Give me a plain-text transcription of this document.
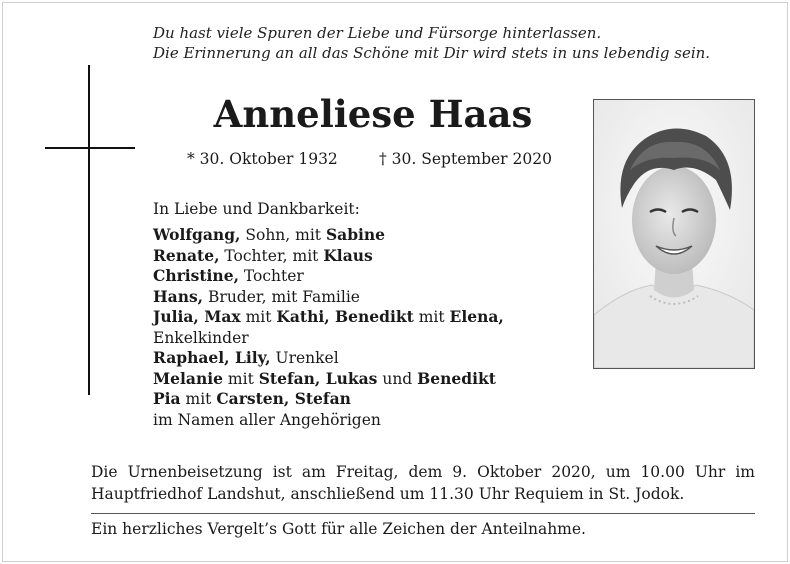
Du hast viele Spuren der Liebe und Fürsorge hinterlassen.
Die Erinnerung an all das Schöne mit Dir wird stets in uns lebendig sein.
Anneliese Haas
* 30. Oktober 1932	† 30. September 2020
In Liebe und Dankbarkeit:
Wolfgang, Sohn, mit Sabine
Renate, Tochter, mit Klaus
Christine, Tochter
Hans, Bruder, mit Familie
Julia, Max mit Kathi, Benedikt mit Elena,
Enkelkinder
Raphael, Lily, Urenkel
Melanie mit Stefan, Lukas und Benedikt
Pia mit Carsten, Stefan
im Namen aller Angehörigen
Die Urnenbeisetzung ist am Freitag, dem 9. Oktober 2020, um 10.00 Uhr im
Hauptfriedhof Landshut, anschließend um 11.30 Uhr Requiem in St. Jodok.
Ein herzliches Vergelt’s Gott für alle Zeichen der Anteilnahme.
